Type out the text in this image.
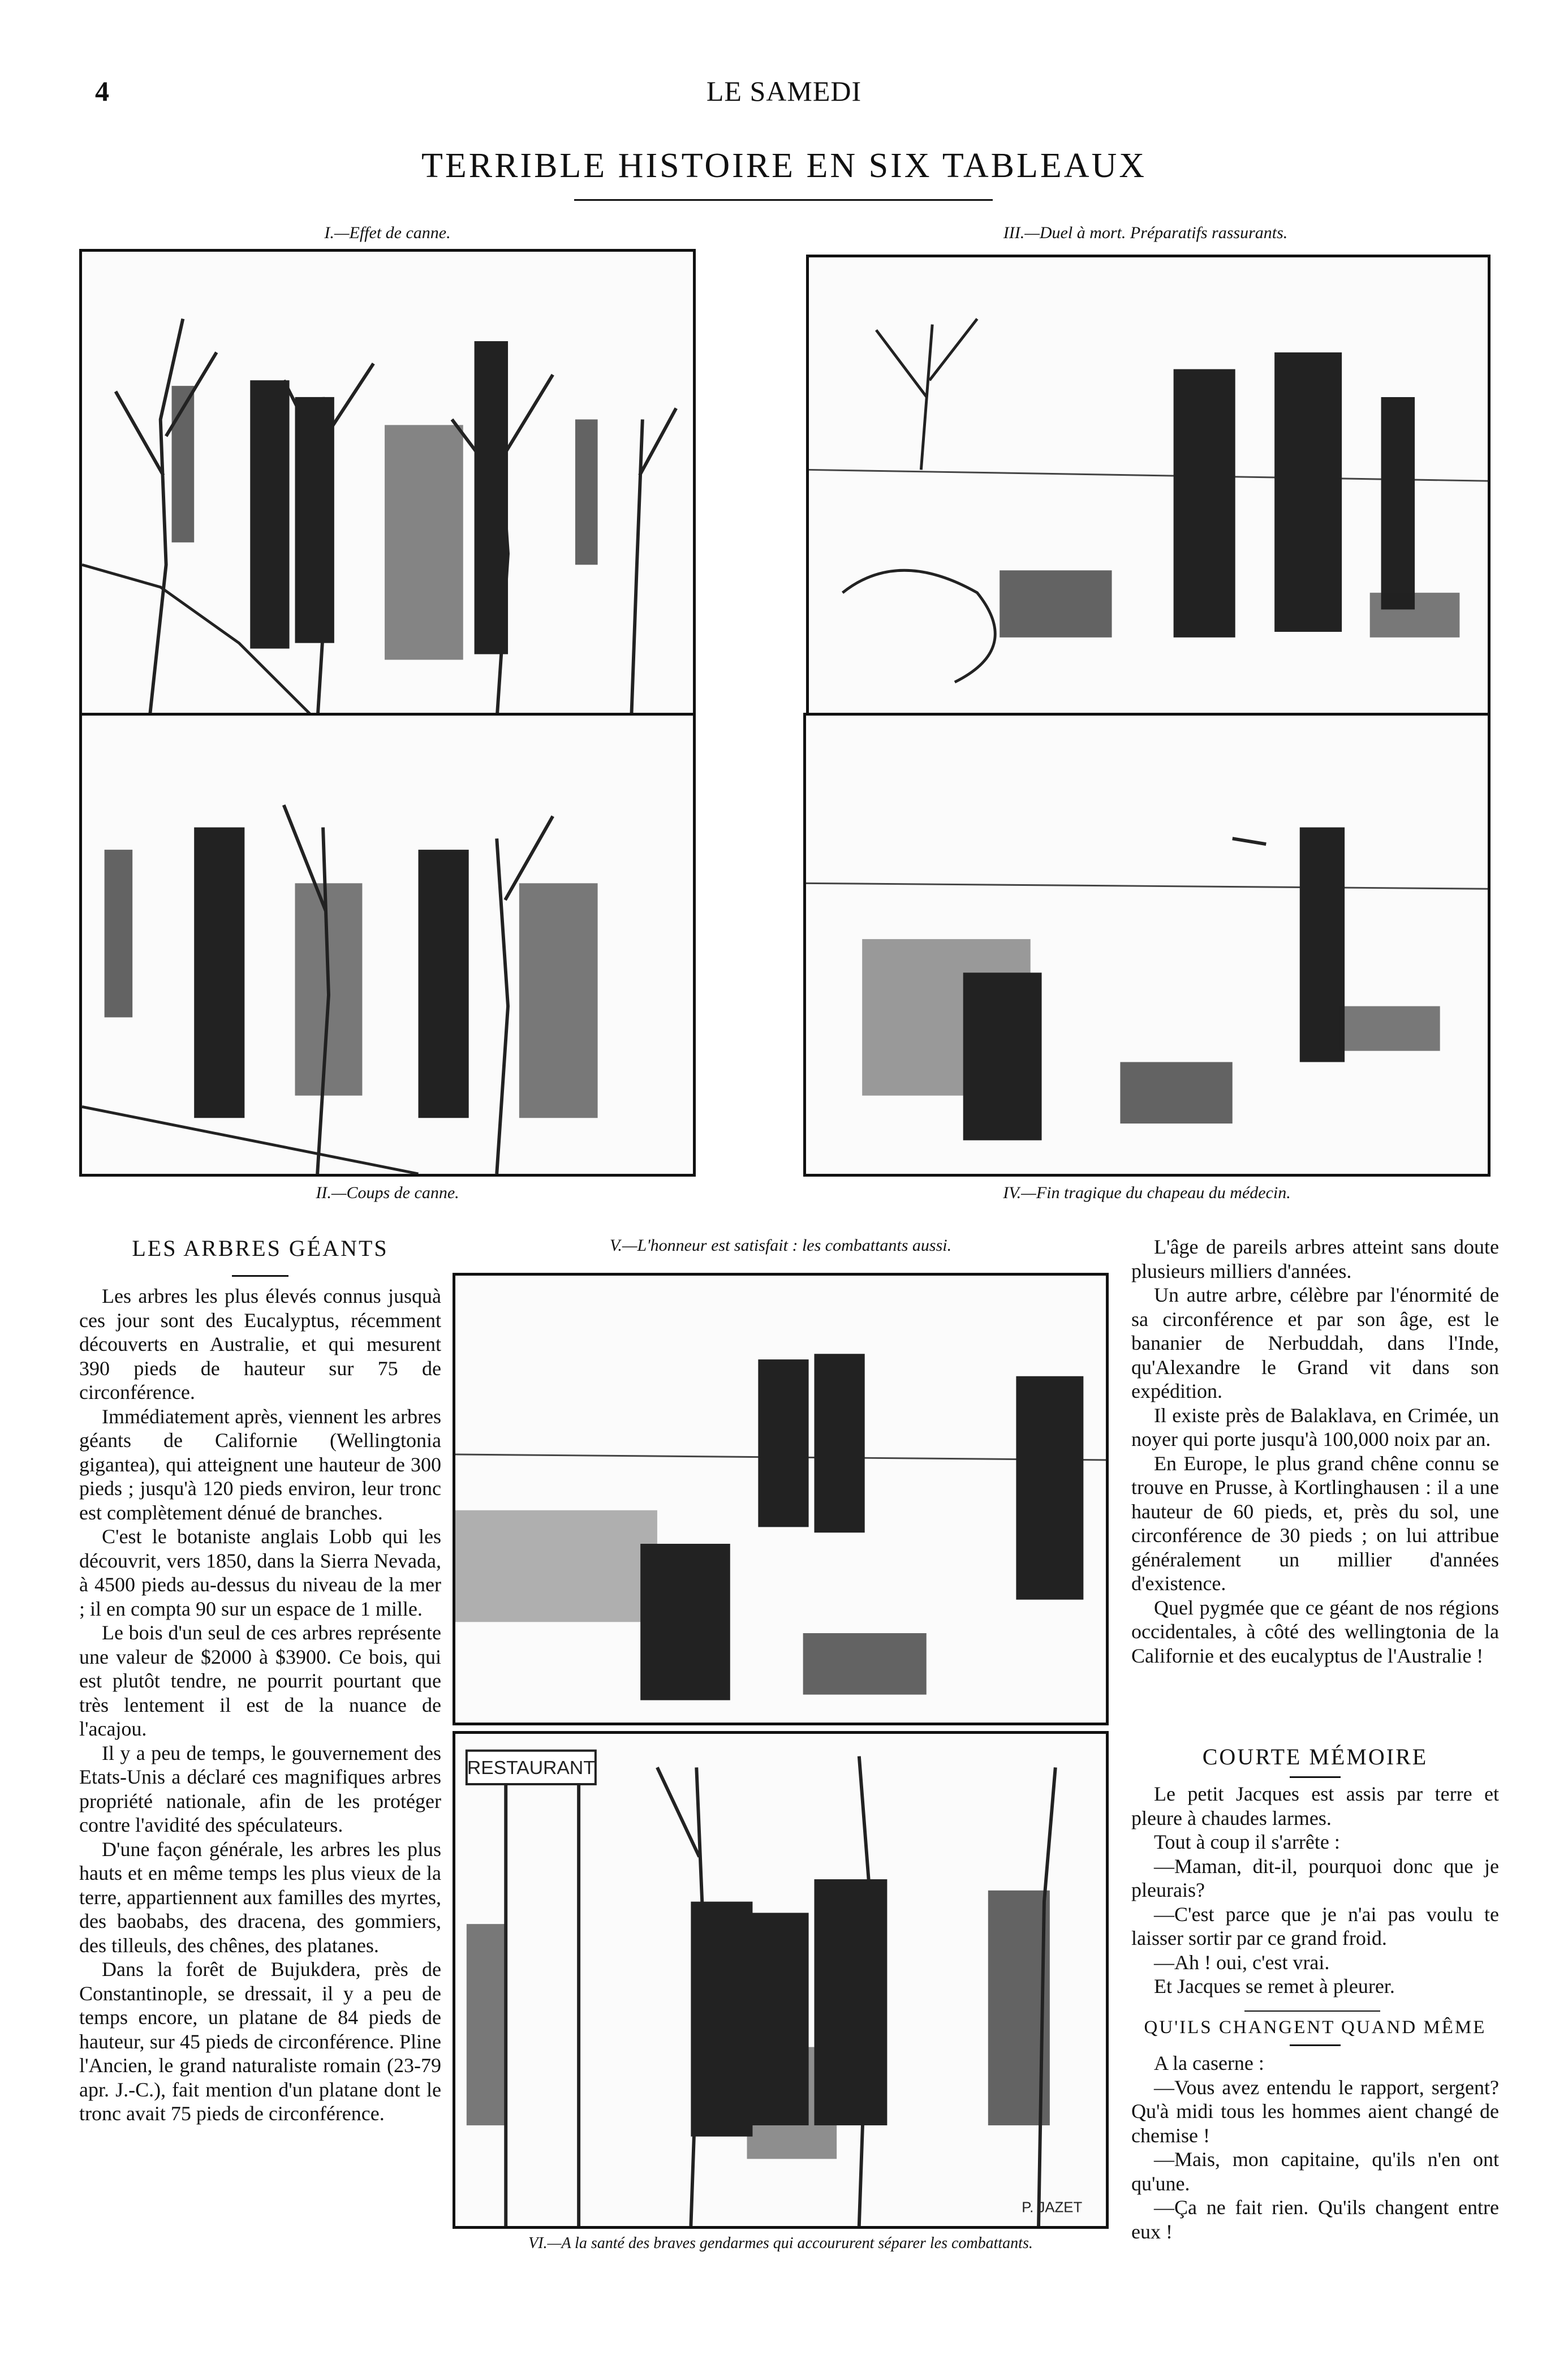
4	LE SAMEDI
TERRIBLE HISTOIRE EN SIX TABLEAUX
I.—Effet de canne.	III.—Duel à mort. Préparatifs rassurants.
II.—Coups de canne.	IV.—Fin tragique du chapeau du médecin.
LES ARBRES GÉANTS

Les arbres les plus élevés connus jusquà ces jour sont des Eucalyptus, récemment découverts en Australie, et qui mesurent 390 pieds de hauteur sur 75 de circonférence.

Immédiatement après, viennent les arbres géants de Californie (Wellingtonia gigantea), qui atteignent une hauteur de 300 pieds ; jusqu'à 120 pieds environ, leur tronc est complètement dénué de branches.

C'est le botaniste anglais Lobb qui les découvrit, vers 1850, dans la Sierra Nevada, à 4500 pieds au-dessus du niveau de la mer ; il en compta 90 sur un espace de 1 mille.

Le bois d'un seul de ces arbres représente une valeur de $2000 à $3900. Ce bois, qui est plutôt tendre, ne pourrit pourtant que très lentement il est de la nuance de l'acajou.

Il y a peu de temps, le gouvernement des Etats-Unis a déclaré ces magnifiques arbres propriété nationale, afin de les protéger contre l'avidité des spéculateurs.

D'une façon générale, les arbres les plus hauts et en même temps les plus vieux de la terre, appartiennent aux familles des myrtes, des baobabs, des dracena, des gommiers, des tilleuls, des chênes, des platanes.

Dans la forêt de Bujukdera, près de Constantinople, se dressait, il y a peu de temps encore, un platane de 84 pieds de hauteur, sur 45 pieds de circonférence. Pline l'Ancien, le grand naturaliste romain (23-79 apr. J.-C.), fait mention d'un platane dont le tronc avait 75 pieds de circonférence.

V.—L'honneur est satisfait : les combattants aussi.
RESTAURANT
P. JAZET
VI.—A la santé des braves gendarmes qui accoururent séparer les combattants.

L'âge de pareils arbres atteint sans doute plusieurs milliers d'années.

Un autre arbre, célèbre par l'énormité de sa circonférence et par son âge, est le bananier de Nerbuddah, dans l'Inde, qu'Alexandre le Grand vit dans son expédition.

Il existe près de Balaklava, en Crimée, un noyer qui porte jusqu'à 100,000 noix par an.

En Europe, le plus grand chêne connu se trouve en Prusse, à Kortlinghausen : il a une hauteur de 60 pieds, et, près du sol, une circonférence de 30 pieds ; on lui attribue généralement un millier d'années d'existence.

Quel pygmée que ce géant de nos régions occidentales, à côté des wellingtonia de la Californie et des eucalyptus de l'Australie !

COURTE MÉMOIRE

Le petit Jacques est assis par terre et pleure à chaudes larmes.

Tout à coup il s'arrête :

—Maman, dit-il, pourquoi donc que je pleurais?

—C'est parce que je n'ai pas voulu te laisser sortir par ce grand froid.

—Ah ! oui, c'est vrai.

Et Jacques se remet à pleurer.

QU'ILS CHANGENT QUAND MÊME

A la caserne :

—Vous avez entendu le rapport, sergent? Qu'à midi tous les hommes aient changé de chemise !

—Mais, mon capitaine, qu'ils n'en ont qu'une.

—Ça ne fait rien. Qu'ils changent entre eux !
